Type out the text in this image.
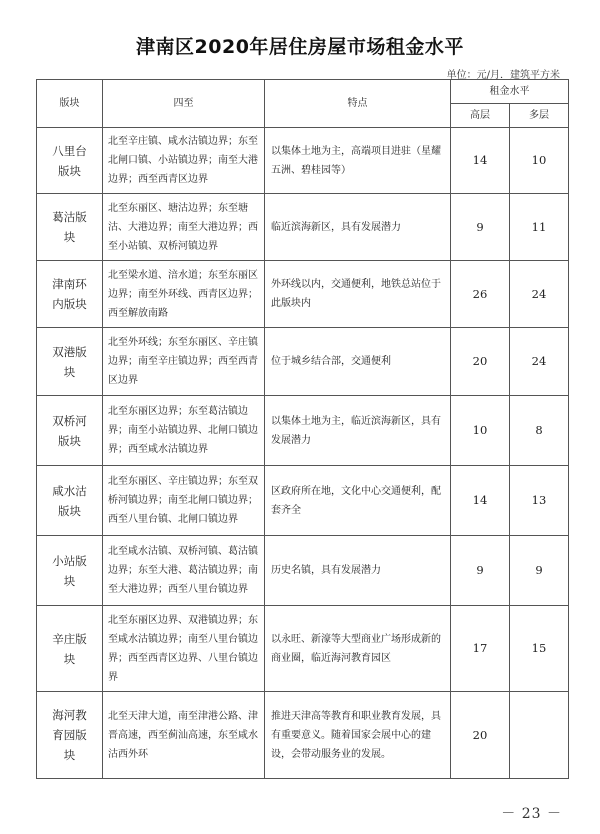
津南区2020年居住房屋市场租金水平
单位：元/月．建筑平方米
版块	四至	特点	租金水平	
			高层	多层
八里台版块	北至辛庄镇、咸水沽镇边界；东至北闸口镇、小站镇边界；南至大港边界；西至西青区边界	以集体土地为主，高端项目进驻（星耀五洲、碧桂园等）	14	10
葛沽版块	北至东丽区、塘沽边界；东至塘沽、大港边界；南至大港边界；西至小站镇、双桥河镇边界	临近滨海新区，具有发展潜力	9	11
津南环内版块	北至梁水道、涪水道；东至东丽区边界；南至外环线、西青区边界；西至解放南路	外环线以内，交通便利，地铁总站位于此版块内	26	24
双港版块	北至外环线；东至东丽区、辛庄镇边界；南至辛庄镇边界；西至西青区边界	位于城乡结合部，交通便利	20	24
双桥河版块	北至东丽区边界；东至葛沽镇边界；南至小站镇边界、北闸口镇边界；西至咸水沽镇边界	以集体土地为主，临近滨海新区，具有发展潜力	10	8
咸水沽版块	北至东丽区、辛庄镇边界；东至双桥河镇边界；南至北闸口镇边界；西至八里台镇、北闸口镇边界	区政府所在地，文化中心交通便利，配套齐全	14	13
小站版块	北至咸水沽镇、双桥河镇、葛沽镇边界；东至大港、葛沽镇边界；南至大港边界；西至八里台镇边界	历史名镇，具有发展潜力	9	9
辛庄版块	北至东丽区边界、双港镇边界；东至咸水沽镇边界；南至八里台镇边界；西至西青区边界、八里台镇边界	以永旺、新濠等大型商业广场形成新的商业圈，临近海河教育园区	17	15
海河教育园版块	北至天津大道，南至津港公路、津晋高速，西至蓟汕高速，东至咸水沽西外环	推进天津高等教育和职业教育发展，具有重要意义。随着国家会展中心的建设，会带动服务业的发展。	20	
－ 23 －
